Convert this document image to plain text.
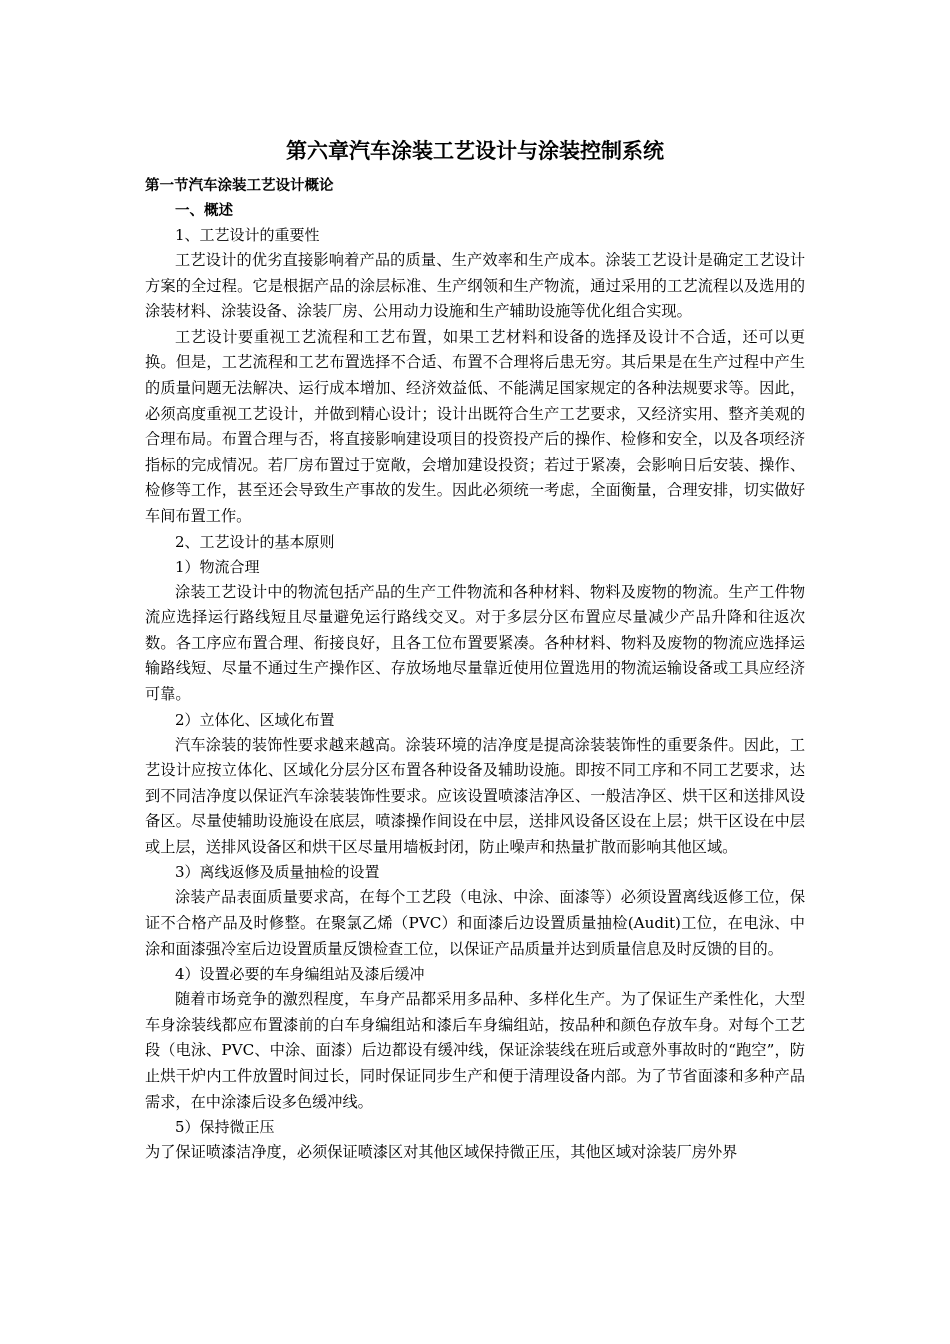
第六章汽车涂装工艺设计与涂装控制系统
第一节汽车涂装工艺设计概论
一、概述
1、工艺设计的重要性

工艺设计的优劣直接影响着产品的质量、生产效率和生产成本。涂装工艺设计是确定工艺设计方案的全过程。它是根据产品的涂层标准、生产纲领和生产物流，通过采用的工艺流程以及选用的涂装材料、涂装设备、涂装厂房、公用动力设施和生产辅助设施等优化组合实现。

工艺设计要重视工艺流程和工艺布置，如果工艺材料和设备的选择及设计不合适，还可以更换。但是，工艺流程和工艺布置选择不合适、布置不合理将后患无穷。其后果是在生产过程中产生的质量问题无法解决、运行成本增加、经济效益低、不能满足国家规定的各种法规要求等。因此，必须高度重视工艺设计，并做到精心设计；设计出既符合生产工艺要求，又经济实用、整齐美观的合理布局。布置合理与否，将直接影响建设项目的投资投产后的操作、检修和安全，以及各项经济指标的完成情况。若厂房布置过于宽敞，会增加建设投资；若过于紧凑，会影响日后安装、操作、检修等工作，甚至还会导致生产事故的发生。因此必须统一考虑，全面衡量，合理安排，切实做好车间布置工作。

2、工艺设计的基本原则
1）物流合理

涂装工艺设计中的物流包括产品的生产工件物流和各种材料、物料及废物的物流。生产工件物流应选择运行路线短且尽量避免运行路线交叉。对于多层分区布置应尽量减少产品升降和往返次数。各工序应布置合理、衔接良好，且各工位布置要紧凑。各种材料、物料及废物的物流应选择运输路线短、尽量不通过生产操作区、存放场地尽量靠近使用位置选用的物流运输设备或工具应经济可靠。

2）立体化、区域化布置

汽车涂装的装饰性要求越来越高。涂装环境的洁净度是提高涂装装饰性的重要条件。因此，工艺设计应按立体化、区域化分层分区布置各种设备及辅助设施。即按不同工序和不同工艺要求，达到不同洁净度以保证汽车涂装装饰性要求。应该设置喷漆洁净区、一般洁净区、烘干区和送排风设备区。尽量使辅助设施设在底层，喷漆操作间设在中层，送排风设备区设在上层；烘干区设在中层或上层，送排风设备区和烘干区尽量用墙板封闭，防止噪声和热量扩散而影响其他区域。

3）离线返修及质量抽检的设置

涂装产品表面质量要求高，在每个工艺段（电泳、中涂、面漆等）必须设置离线返修工位，保证不合格产品及时修整。在聚氯乙烯（PVC）和面漆后边设置质量抽检(Audit)工位，在电泳、中涂和面漆强冷室后边设置质量反馈检查工位，以保证产品质量并达到质量信息及时反馈的目的。

4）设置必要的车身编组站及漆后缓冲

随着市场竞争的激烈程度，车身产品都采用多品种、多样化生产。为了保证生产柔性化，大型车身涂装线都应布置漆前的白车身编组站和漆后车身编组站，按品种和颜色存放车身。对每个工艺段（电泳、PVC、中涂、面漆）后边都设有缓冲线，保证涂装线在班后或意外事故时的“跑空”，防止烘干炉内工件放置时间过长，同时保证同步生产和便于清理设备内部。为了节省面漆和多种产品需求，在中涂漆后设多色缓冲线。

5）保持微正压

为了保证喷漆洁净度，必须保证喷漆区对其他区域保持微正压，其他区域对涂装厂房外界
